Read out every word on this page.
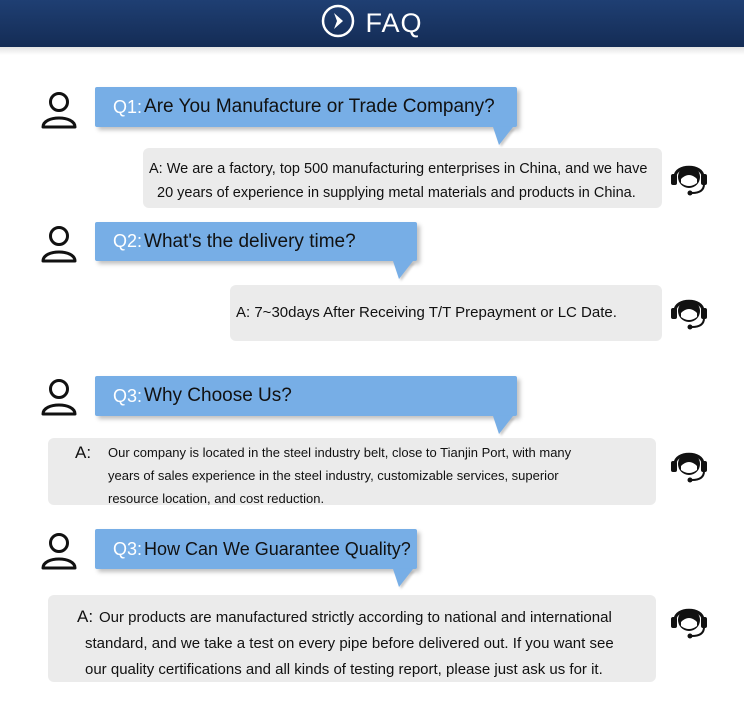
FAQ
Q1: Are You Manufacture or Trade Company?
A: We are a factory, top 500 manufacturing enterprises in China, and we have
20 years of experience in supplying metal materials and products in China.
Q2: What's the delivery time?
A: 7~30days After Receiving T/T Prepayment or LC Date.
Q3: Why Choose Us?
A: Our company is located in the steel industry belt, close to Tianjin Port, with many
years of sales experience in the steel industry, customizable services, superior
resource location, and cost reduction.
Q3: How Can We Guarantee Quality?
A: Our products are manufactured strictly according to national and international
standard, and we take a test on every pipe before delivered out. If you want see
our quality certifications and all kinds of testing report, please just ask us for it.
